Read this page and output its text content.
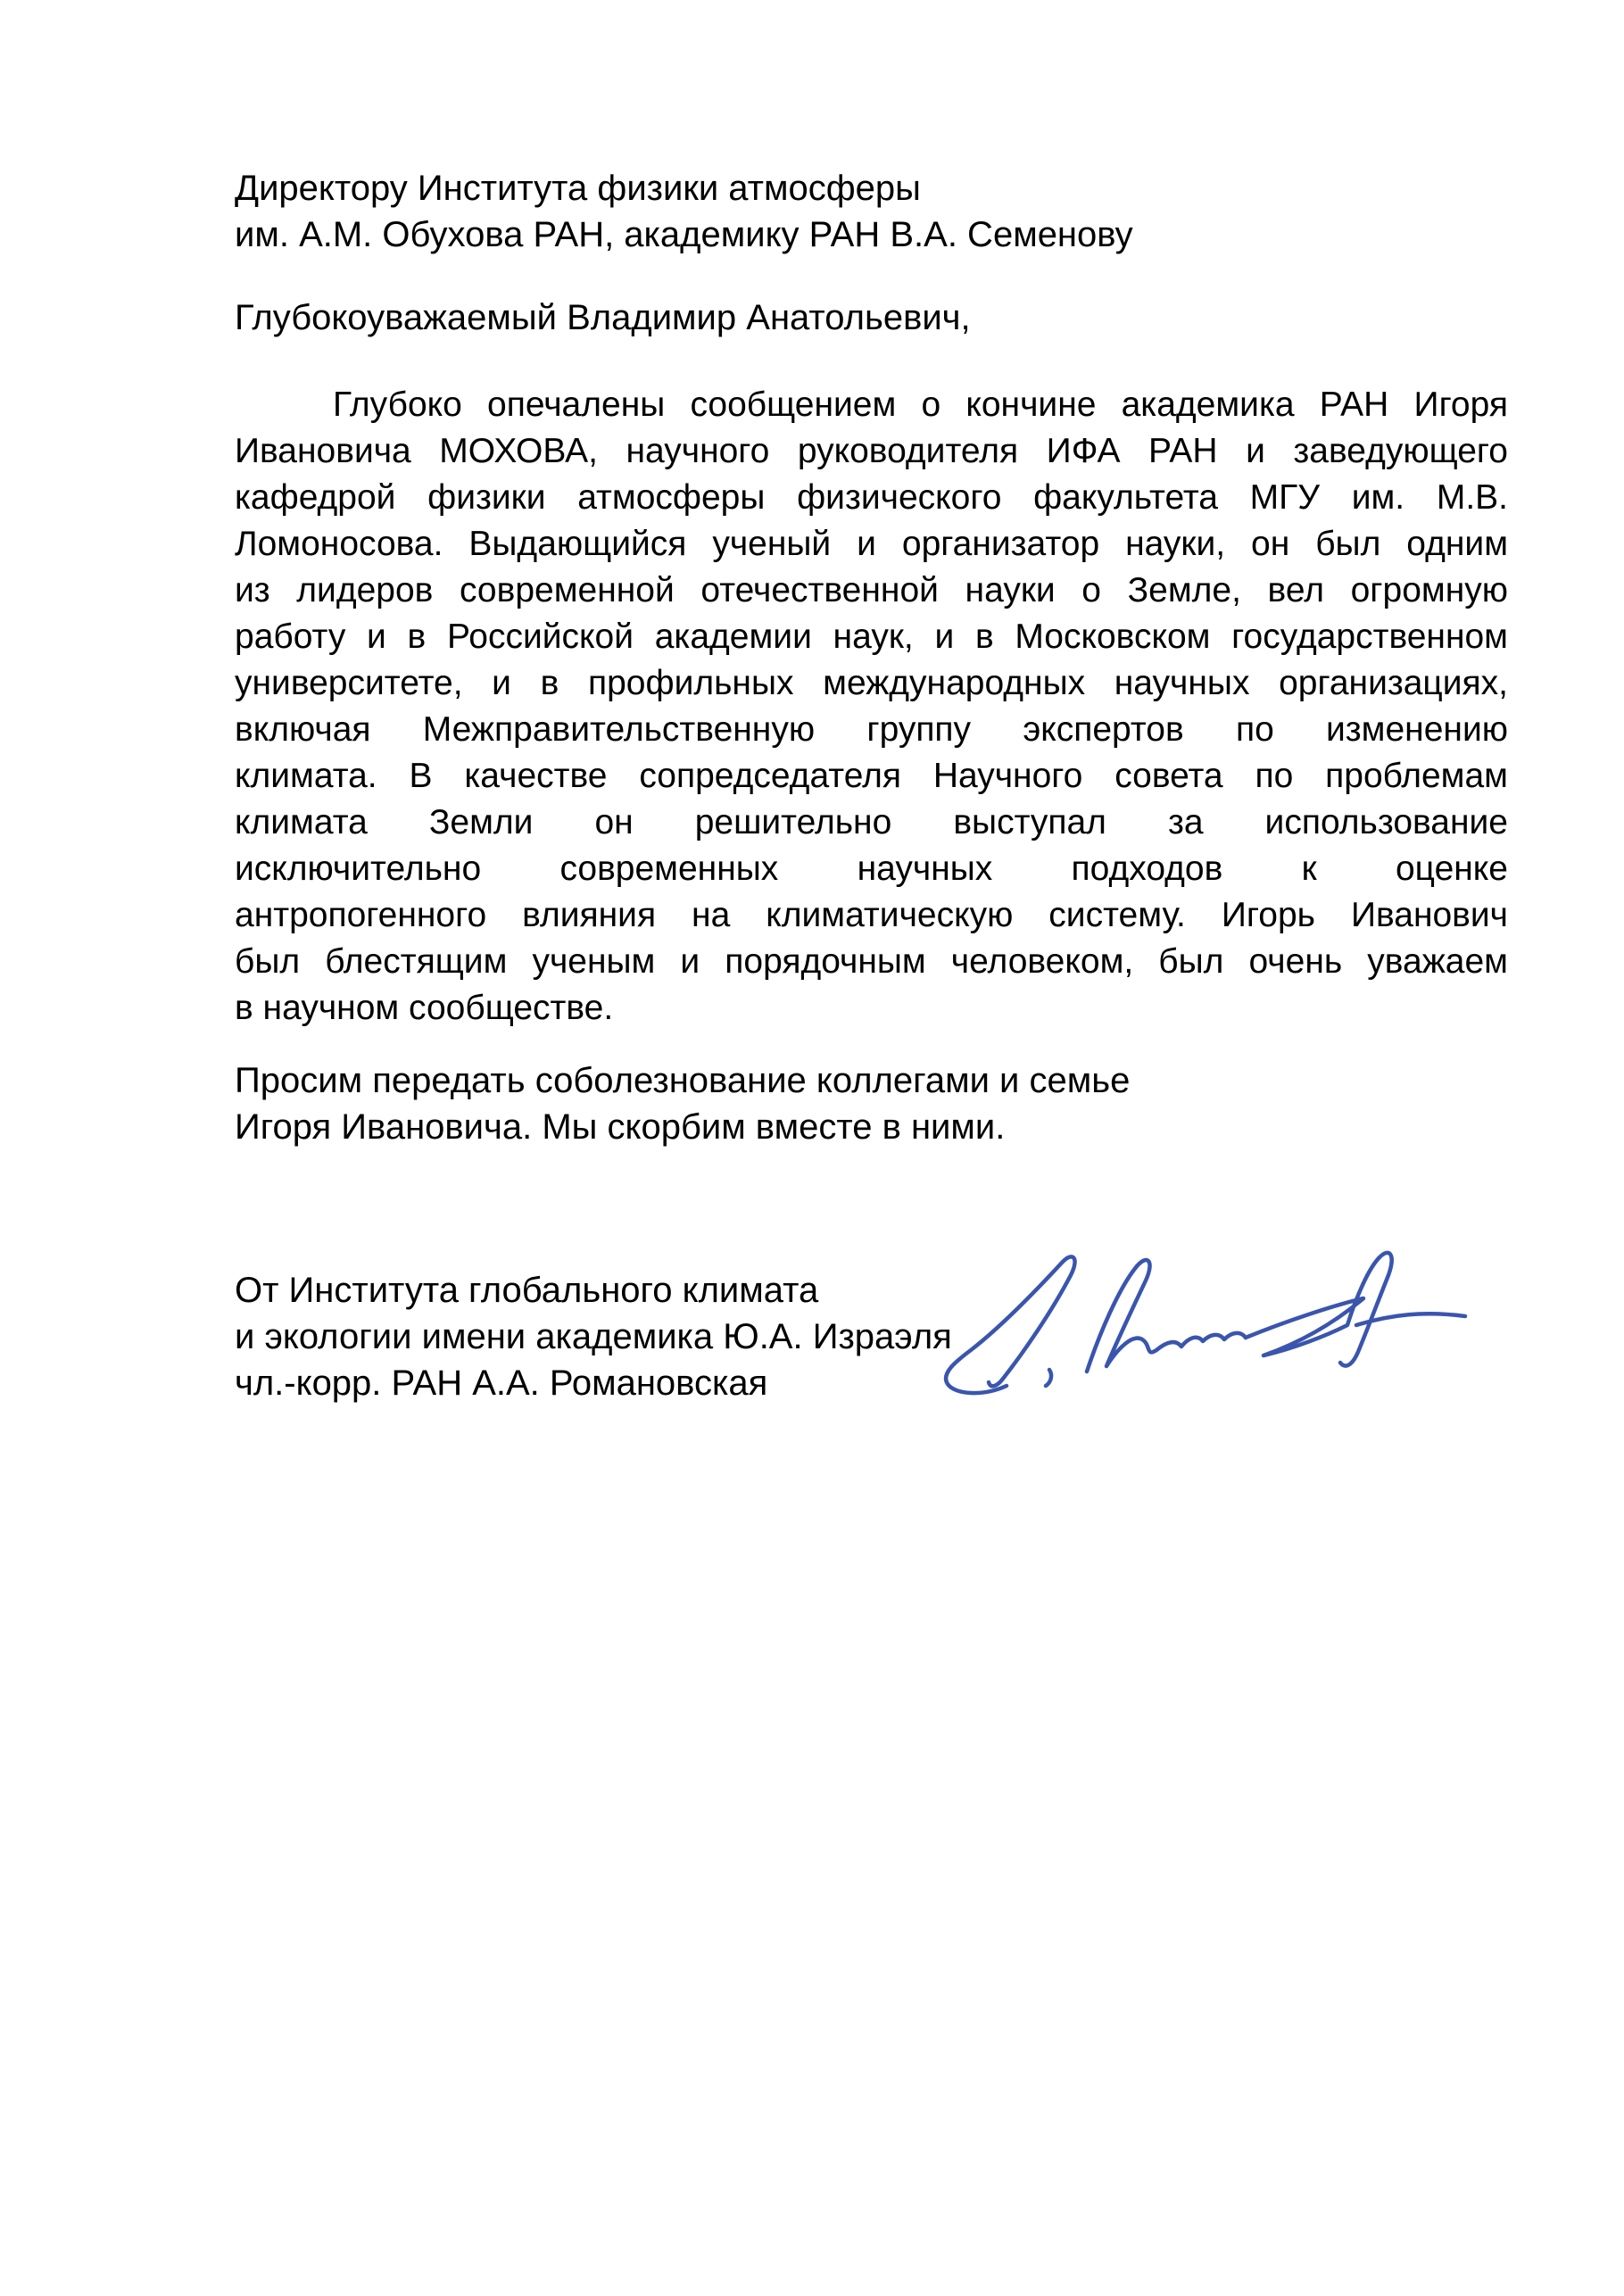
Директору Института физики атмосферы
им. А.М. Обухова РАН, академику РАН В.А. Семенову
Глубокоуважаемый Владимир Анатольевич,
Глубоко опечалены сообщением о кончине академика РАН Игоря
Ивановича МОХОВА, научного руководителя ИФА РАН и заведующего
кафедрой физики атмосферы физического факультета МГУ им. М.В.
Ломоносова. Выдающийся ученый и организатор науки, он был одним
из лидеров современной отечественной науки о Земле, вел огромную
работу и в Российской академии наук, и в Московском государственном
университете, и в профильных международных научных организациях,
включая Межправительственную группу экспертов по изменению
климата. В качестве сопредседателя Научного совета по проблемам
климата Земли он решительно выступал за использование
исключительно современных научных подходов к оценке
антропогенного влияния на климатическую систему. Игорь Иванович
был блестящим ученым и порядочным человеком, был очень уважаем
в научном сообществе.
Просим передать соболезнование коллегами и семье
Игоря Ивановича. Мы скорбим вместе в ними.
От Института глобального климата
и экологии имени академика Ю.А. Израэля
чл.-корр. РАН А.А. Романовская
